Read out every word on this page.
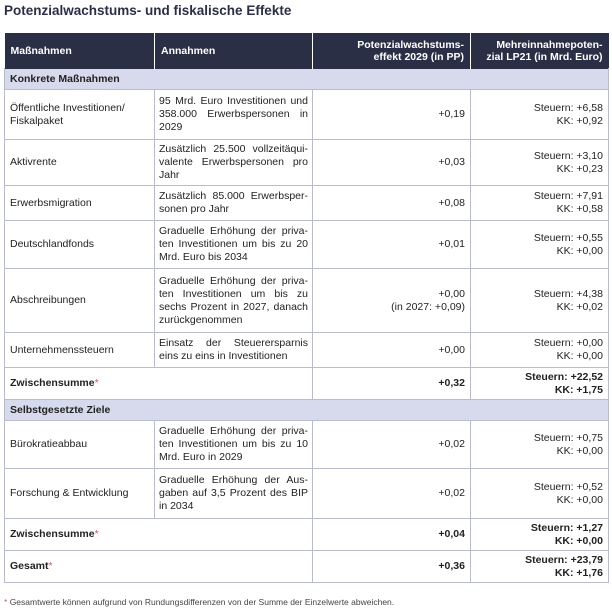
Potenzialwachstums- und fiskalische Effekte
Maßnahmen	Annahmen	Potenzialwachstums-
effekt 2029 (in PP)	Mehreinnahmepoten-
zial LP21 (in Mrd. Euro)
Konkrete Maßnahmen			
Öffentliche Investitionen/ Fiskalpaket	95 Mrd. Euro Investitionen und 358.000 Erwerbspersonen in 2029	+0,19	Steuern: +6,58
KK: +0,92
Aktivrente	Zusätzlich 25.500 vollzeitäquivalente Erwerbspersonen pro Jahr	+0,03	Steuern: +3,10
KK: +0,23
Erwerbsmigration	Zusätzlich 85.000 Erwerbspersonen pro Jahr	+0,08	Steuern: +7,91
KK: +0,58
Deutschlandfonds	Graduelle Erhöhung der privaten Investitionen um bis zu 20 Mrd. Euro bis 2034	+0,01	Steuern: +0,55
KK: +0,00
Abschreibungen	Graduelle Erhöhung der privaten Investitionen um bis zu sechs Prozent in 2027, danach zurückgenommen	+0,00
(in 2027: +0,09)	Steuern: +4,38
KK: +0,02
Unternehmenssteuern	Einsatz der Steuerersparnis eins zu eins in Investitionen	+0,00	Steuern: +0,00
KK: +0,00
Zwischensumme*		+0,32	Steuern: +22,52
KK: +1,75
Selbstgesetzte Ziele			
Bürokratieabbau	Graduelle Erhöhung der privaten Investitionen um bis zu 10 Mrd. Euro in 2029	+0,02	Steuern: +0,75
KK: +0,00
Forschung & Entwicklung	Graduelle Erhöhung der Ausgaben auf 3,5 Prozent des BIP in 2034	+0,02	Steuern: +0,52
KK: +0,00
Zwischensumme*		+0,04	Steuern: +1,27
KK: +0,00
Gesamt*		+0,36	Steuern: +23,79
KK: +1,76
* Gesamtwerte können aufgrund von Rundungsdifferenzen von der Summe der Einzelwerte abweichen.
